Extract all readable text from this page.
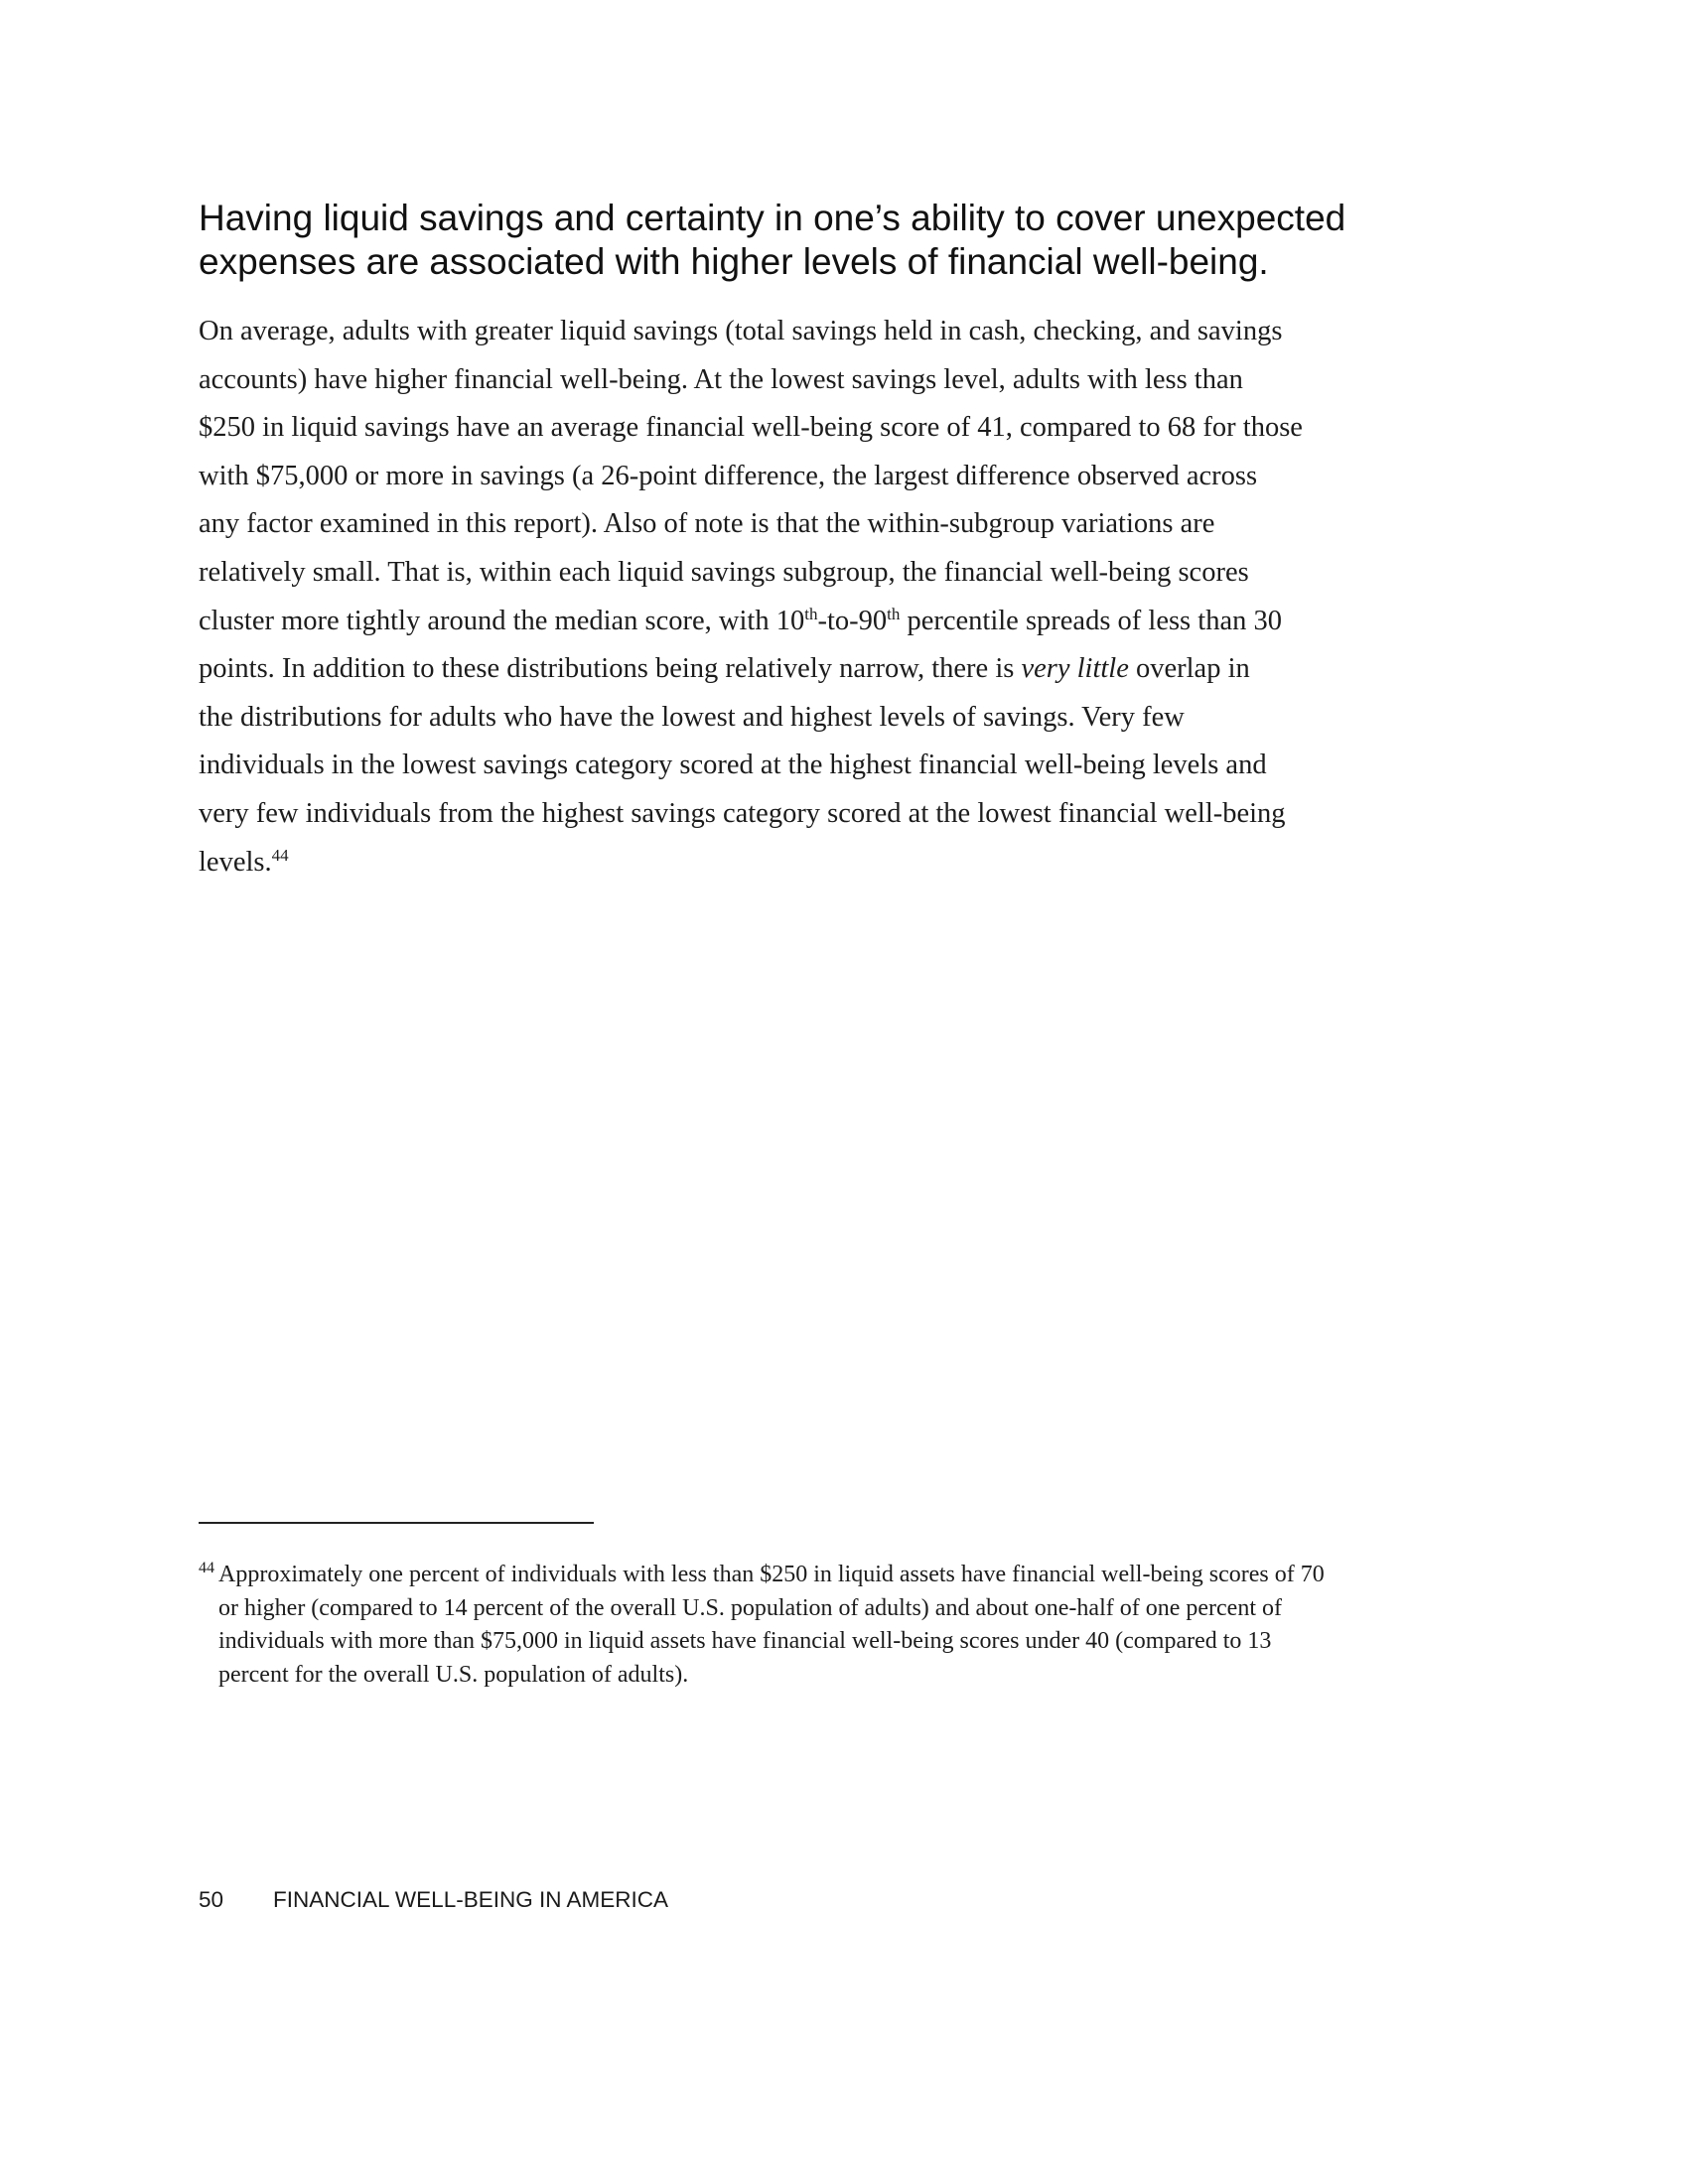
Having liquid savings and certainty in one’s ability to cover unexpected
expenses are associated with higher levels of financial well-being.
On average, adults with greater liquid savings (total savings held in cash, checking, and savings
accounts) have higher financial well-being. At the lowest savings level, adults with less than
$250 in liquid savings have an average financial well-being score of 41, compared to 68 for those
with $75,000 or more in savings (a 26-point difference, the largest difference observed across
any factor examined in this report). Also of note is that the within-subgroup variations are
relatively small. That is, within each liquid savings subgroup, the financial well-being scores
cluster more tightly around the median score, with 10th-to-90th percentile spreads of less than 30
points. In addition to these distributions being relatively narrow, there is very little overlap in
the distributions for adults who have the lowest and highest levels of savings. Very few
individuals in the lowest savings category scored at the highest financial well-being levels and
very few individuals from the highest savings category scored at the lowest financial well-being
levels.$^{44}$
$^{44}$ Approximately one percent of individuals with less than $250 in liquid assets have financial well-being scores of 70
or higher (compared to 14 percent of the overall U.S. population of adults) and about one-half of one percent of
individuals with more than $75,000 in liquid assets have financial well-being scores under 40 (compared to 13
percent for the overall U.S. population of adults).
50 FINANCIAL WELL-BEING IN AMERICA
